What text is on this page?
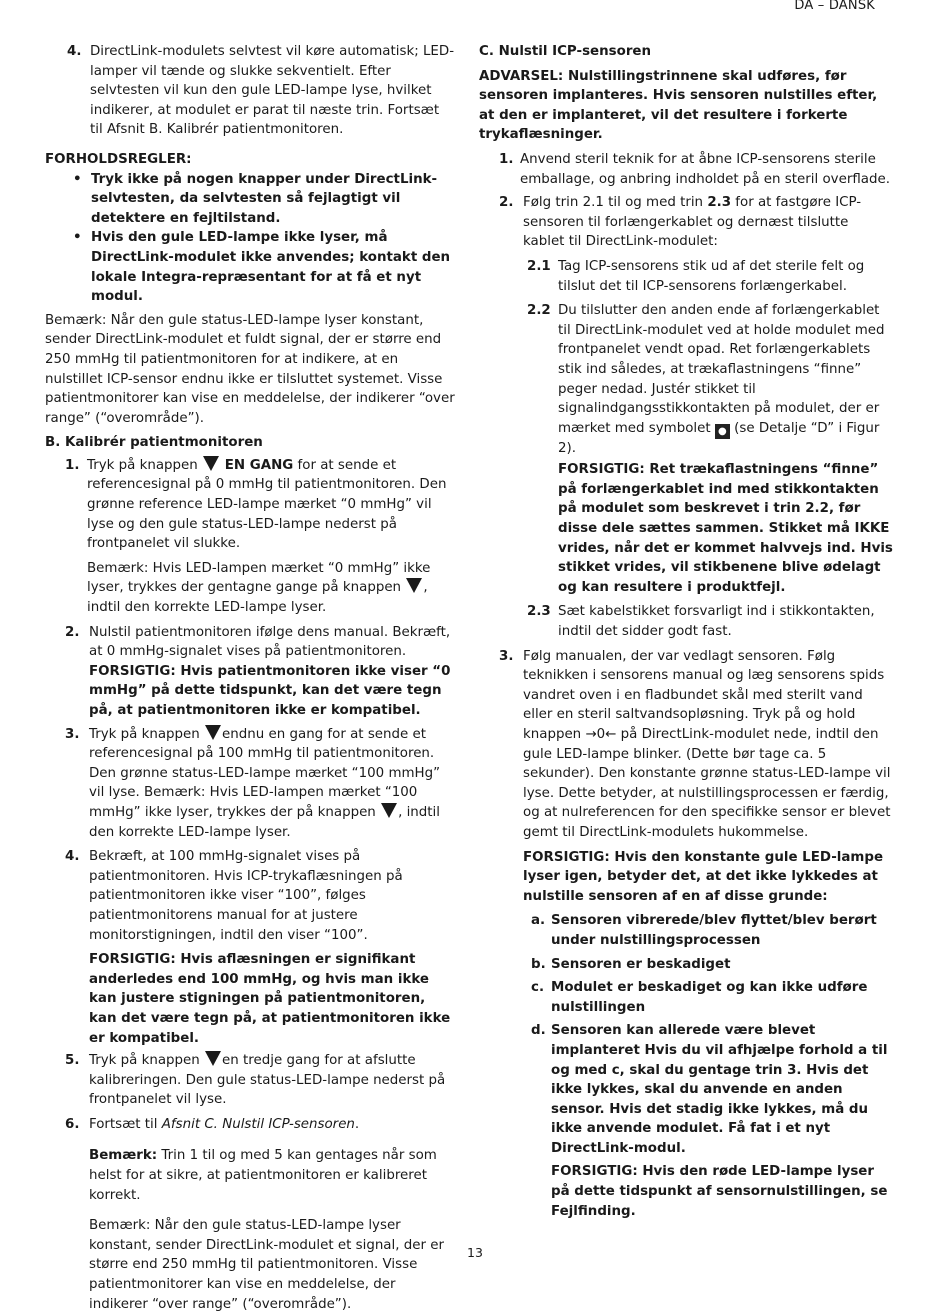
DA – DANSK
4. DirectLink-modulets selvtest vil køre automatisk; LED-lamper vil tænde og slukke sekventielt. Efter selvtesten vil kun den gule LED-lampe lyse, hvilket indikerer, at modulet er parat til næste trin. Fortsæt til Afsnit B. Kalibrér patientmonitoren.

FORHOLDSREGLER:

• Tryk ikke på nogen knapper under DirectLink-selvtesten, da selvtesten så fejlagtigt vil detektere en fejltilstand.
• Hvis den gule LED-lampe ikke lyser, må DirectLink-modulet ikke anvendes; kontakt den lokale Integra-repræsentant for at få et nyt modul.

Bemærk: Når den gule status-LED-lampe lyser konstant, sender DirectLink-modulet et fuldt signal, der er større end 250 mmHg til patientmonitoren for at indikere, at en nulstillet ICP-sensor endnu ikke er tilsluttet systemet. Visse patientmonitorer kan vise en meddelelse, der indikerer “over range” (“overområde”).

B. Kalibrér patientmonitoren

1. Tryk på knappen  EN GANG for at sende et referencesignal på 0 mmHg til patientmonitoren. Den grønne reference LED-lampe mærket “0 mmHg” vil lyse og den gule status-LED-lampe nederst på frontpanelet vil slukke.

Bemærk: Hvis LED-lampen mærket “0 mmHg” ikke lyser, trykkes der gentagne gange på knappen , indtil den korrekte LED-lampe lyser.

2. Nulstil patientmonitoren ifølge dens manual. Bekræft, at 0 mmHg-signalet vises på patientmonitoren.  FORSIGTIG: Hvis patientmonitoren ikke viser “0 mmHg” på dette tidspunkt, kan det være tegn på, at patientmonitoren ikke er kompatibel.

3. Tryk på knappen endnu en gang for at sende et referencesignal på 100 mmHg til patientmonitoren. Den grønne status-LED-lampe mærket “100 mmHg” vil lyse. Bemærk: Hvis LED-lampen mærket “100 mmHg” ikke lyser, trykkes der på knappen , indtil den korrekte LED-lampe lyser.

4. Bekræft, at 100 mmHg-signalet vises på patientmonitoren. Hvis ICP-trykaflæsningen på patientmonitoren ikke viser “100”, følges patientmonitorens manual for at justere monitorstigningen, indtil den viser “100”.

FORSIGTIG: Hvis aflæsningen er signifikant anderledes end 100 mmHg, og hvis man ikke kan justere stigningen på patientmonitoren, kan det være tegn på, at patientmonitoren ikke er kompatibel.

5. Tryk på knappen en tredje gang for at afslutte kalibreringen. Den gule status-LED-lampe nederst på frontpanelet vil lyse.

6. Fortsæt til Afsnit C. Nulstil ICP-sensoren.

Bemærk: Trin 1 til og med 5 kan gentages når som helst for at sikre, at patientmonitoren er kalibreret korrekt.

Bemærk: Når den gule status-LED-lampe lyser konstant, sender DirectLink-modulet et signal, der er større end 250 mmHg til patientmonitoren. Visse patientmonitorer kan vise en meddelelse, der indikerer “over range” (“overområde”).

C. Nulstil ICP-sensoren

ADVARSEL: Nulstillingstrinnene skal udføres, før sensoren implanteres. Hvis sensoren nulstilles efter, at den er implanteret, vil det resultere i forkerte trykaflæsninger.

1. Anvend steril teknik for at åbne ICP-sensorens sterile emballage, og anbring indholdet på en steril overflade.

2. Følg trin 2.1 til og med trin 2.3 for at fastgøre ICP-sensoren til forlængerkablet og dernæst tilslutte kablet til DirectLink-modulet:

2.1 Tag ICP-sensorens stik ud af det sterile felt og tilslut det til ICP-sensorens forlængerkabel.

2.2 Du tilslutter den anden ende af forlængerkablet til DirectLink-modulet ved at holde modulet med frontpanelet vendt opad. Ret forlængerkablets stik ind således, at trækaflastningens “finne” peger nedad. Justér stikket til signalindgangsstikkontakten på modulet, der er mærket med symbolet ● (se Detalje “D” i Figur 2).

FORSIGTIG: Ret trækaflastningens “finne” på forlængerkablet ind med stikkontakten på modulet som beskrevet i trin 2.2, før disse dele sættes sammen. Stikket må IKKE vrides, når det er kommet halvvejs ind. Hvis stikket vrides, vil stikbenene blive ødelagt og kan resultere i produktfejl.

2.3 Sæt kabelstikket forsvarligt ind i stikkontakten, indtil det sidder godt fast.

3. Følg manualen, der var vedlagt sensoren. Følg teknikken i sensorens manual og læg sensorens spids vandret oven i en fladbundet skål med sterilt vand eller en steril saltvandsopløsning. Tryk på og hold knappen →0← på DirectLink-modulet nede, indtil den gule LED-lampe blinker. (Dette bør tage ca. 5 sekunder). Den konstante grønne status-LED-lampe vil lyse. Dette betyder, at nulstillingsprocessen er færdig, og at nulreferencen for den specifikke sensor er blevet gemt til DirectLink-modulets hukommelse.

FORSIGTIG: Hvis den konstante gule LED-lampe lyser igen, betyder det, at det ikke lykkedes at nulstille sensoren af en af disse grunde:

a. Sensoren vibrerede/blev flyttet/blev berørt under nulstillingsprocessen

b. Sensoren er beskadiget

c. Modulet er beskadiget og kan ikke udføre nulstillingen

d. Sensoren kan allerede være blevet implanteret Hvis du vil afhjælpe forhold a til og med c, skal du gentage trin 3. Hvis det ikke lykkes, skal du anvende en anden sensor. Hvis det stadig ikke lykkes, må du ikke anvende modulet. Få fat i et nyt DirectLink-modul.

FORSIGTIG: Hvis den røde LED-lampe lyser på dette tidspunkt af sensornulstillingen, se Fejlfinding.

13
